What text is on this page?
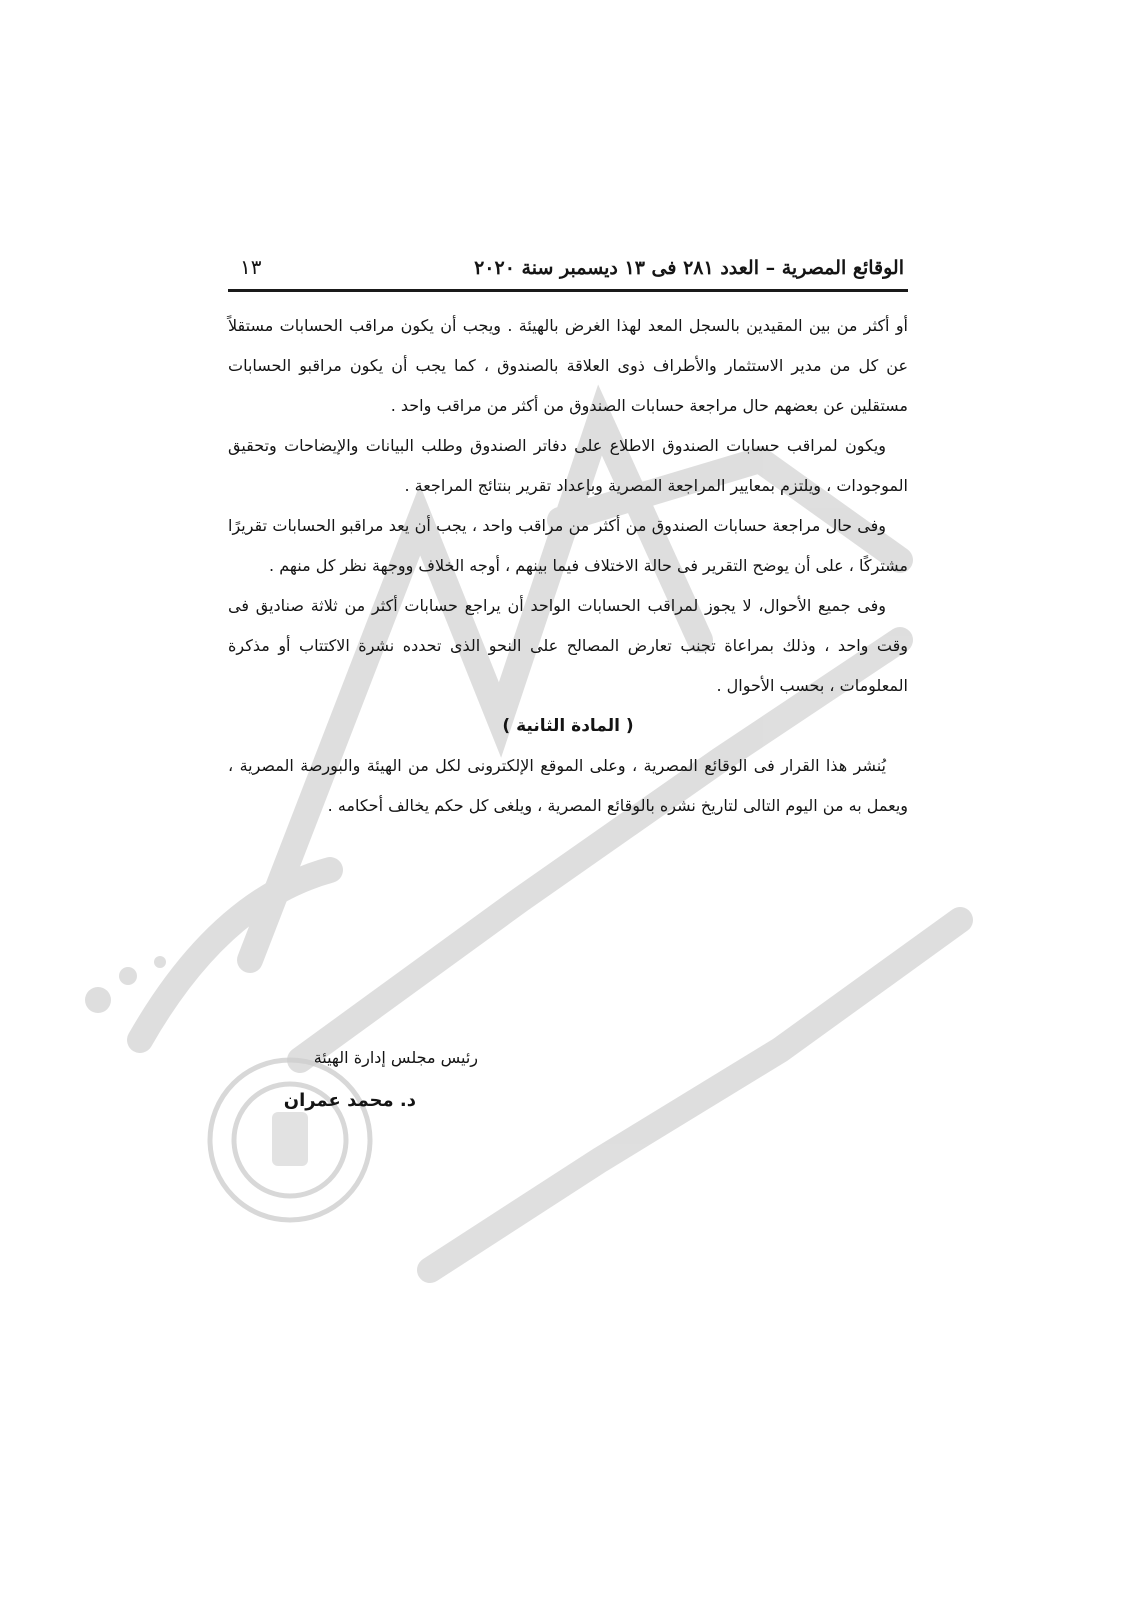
الوقائع المصرية – العدد ٢٨١ فى ١٣ ديسمبر سنة ٢٠٢٠
١٣

أو أكثر من بين المقيدين بالسجل المعد لهذا الغرض بالهيئة . ويجب أن يكون مراقب الحسابات مستقلاً عن كل من مدير الاستثمار والأطراف ذوى العلاقة بالصندوق ، كما يجب أن يكون مراقبو الحسابات مستقلين عن بعضهم حال مراجعة حسابات الصندوق من أكثر من مراقب واحد .

ويكون لمراقب حسابات الصندوق الاطلاع على دفاتر الصندوق وطلب البيانات والإيضاحات وتحقيق الموجودات ، ويلتزم بمعايير المراجعة المصرية وبإعداد تقرير بنتائج المراجعة .

وفى حال مراجعة حسابات الصندوق من أكثر من مراقب واحد ، يجب أن يعد مراقبو الحسابات تقريرًا مشتركًا ، على أن يوضح التقرير فى حالة الاختلاف فيما بينهم ، أوجه الخلاف ووجهة نظر كل منهم .

وفى جميع الأحوال، لا يجوز لمراقب الحسابات الواحد أن يراجع حسابات أكثر من ثلاثة صناديق فى وقت واحد ، وذلك بمراعاة تجنب تعارض المصالح على النحو الذى تحدده نشرة الاكتتاب أو مذكرة المعلومات ، بحسب الأحوال .

( المادة الثانية )

يُنشر هذا القرار فى الوقائع المصرية ، وعلى الموقع الإلكترونى لكل من الهيئة والبورصة المصرية ، ويعمل به من اليوم التالى لتاريخ نشره بالوقائع المصرية ، ويلغى كل حكم يخالف أحكامه .

رئيس مجلس إدارة الهيئة
د. محمد عمران
